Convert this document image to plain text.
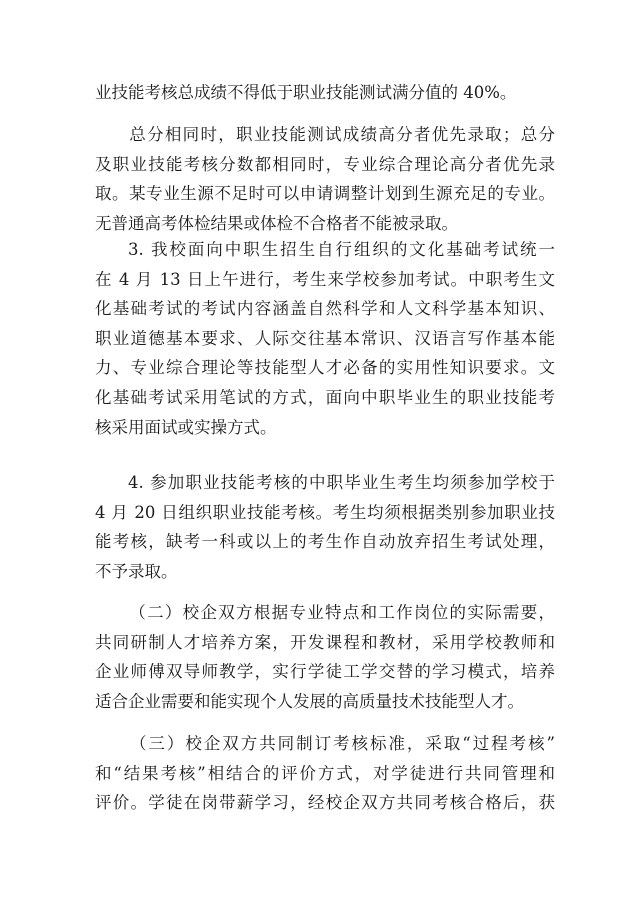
业技能考核总成绩不得低于职业技能测试满分值的 40%。

总分相同时，职业技能测试成绩高分者优先录取；总分
及职业技能考核分数都相同时，专业综合理论高分者优先录
取。某专业生源不足时可以申请调整计划到生源充足的专业。
无普通高考体检结果或体检不合格者不能被录取。

3. 我校面向中职生招生自行组织的文化基础考试统一
在 4 月 13 日上午进行，考生来学校参加考试。中职考生文
化基础考试的考试内容涵盖自然科学和人文科学基本知识、
职业道德基本要求、人际交往基本常识、汉语言写作基本能
力、专业综合理论等技能型人才必备的实用性知识要求。文
化基础考试采用笔试的方式，面向中职毕业生的职业技能考
核采用面试或实操方式。

4. 参加职业技能考核的中职毕业生考生均须参加学校于
4 月 20 日组织职业技能考核。考生均须根据类别参加职业技
能考核，缺考一科或以上的考生作自动放弃招生考试处理，
不予录取。

（二）校企双方根据专业特点和工作岗位的实际需要，
共同研制人才培养方案，开发课程和教材，采用学校教师和
企业师傅双导师教学，实行学徒工学交替的学习模式，培养
适合企业需要和能实现个人发展的高质量技术技能型人才。

（三）校企双方共同制订考核标准，采取“过程考核”
和“结果考核”相结合的评价方式，对学徒进行共同管理和
评价。学徒在岗带薪学习，经校企双方共同考核合格后，获
